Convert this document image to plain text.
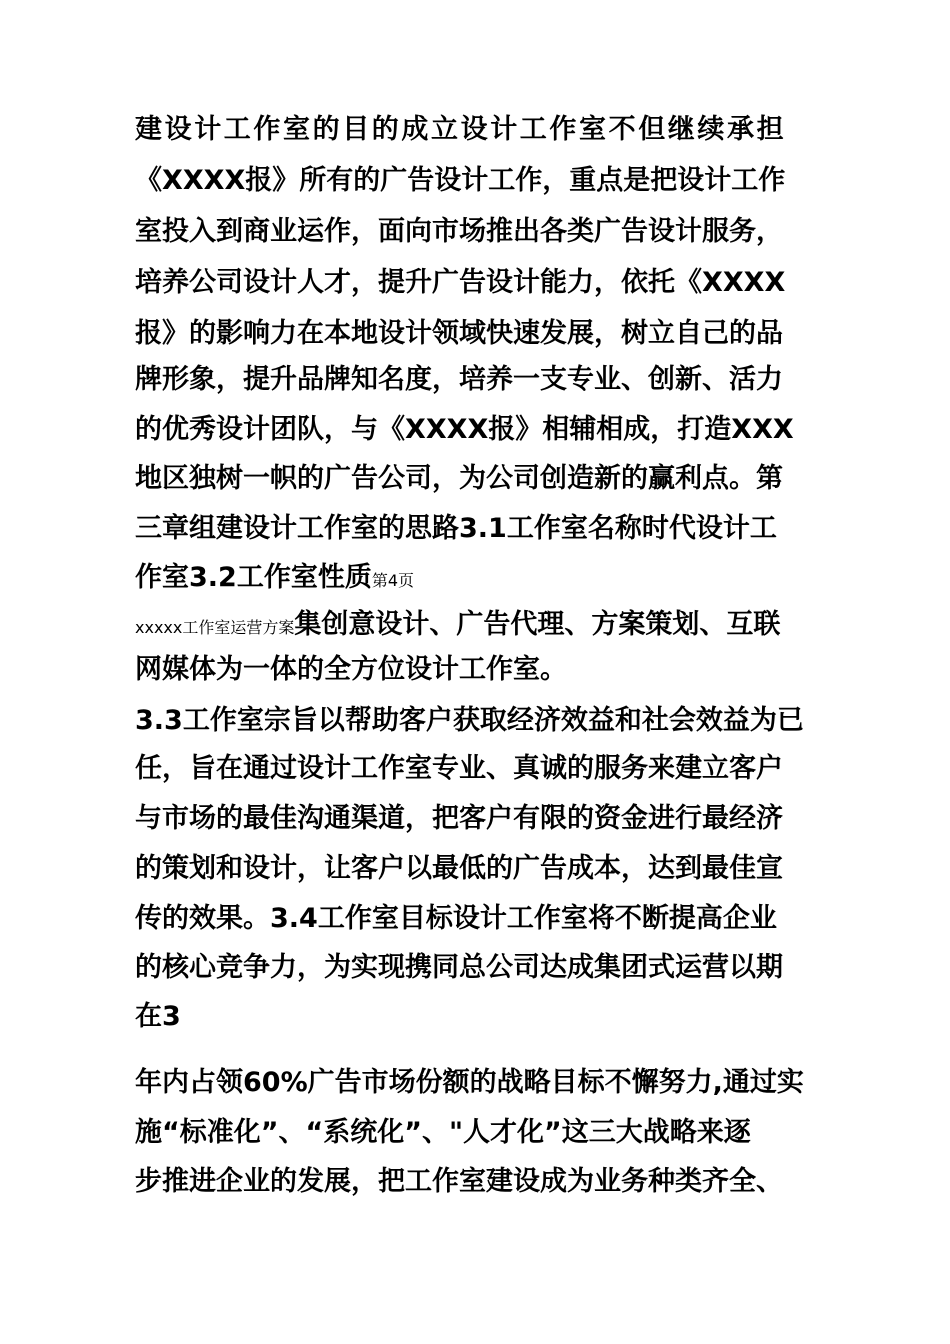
建设计工作室的目的成立设计工作室不但继续承担
《XXXX报》所有的广告设计工作，重点是把设计工作
室投入到商业运作，面向市场推出各类广告设计服务，
培养公司设计人才，提升广告设计能力，依托《XXXX
报》的影响力在本地设计领域快速发展，树立自己的品
牌形象，提升品牌知名度，培养一支专业、创新、活力
的优秀设计团队，与《XXXX报》相辅相成，打造XXX
地区独树一帜的广告公司，为公司创造新的赢利点。第
三章组建设计工作室的思路3.1工作室名称时代设计工
作室3.2工作室性质第4页
xxxxx工作室运营方案集创意设计、广告代理、方案策划、互联
网媒体为一体的全方位设计工作室。
3.3工作室宗旨以帮助客户获取经济效益和社会效益为已
任，旨在通过设计工作室专业、真诚的服务来建立客户
与市场的最佳沟通渠道，把客户有限的资金进行最经济
的策划和设计，让客户以最低的广告成本，达到最佳宣
传的效果。3.4工作室目标设计工作室将不断提高企业
的核心竞争力，为实现携同总公司达成集团式运营以期
在3
年内占领60%广告市场份额的战略目标不懈努力,通过实
施“标准化”、“系统化”、"人才化”这三大战略来逐
步推进企业的发展，把工作室建设成为业务种类齐全、
